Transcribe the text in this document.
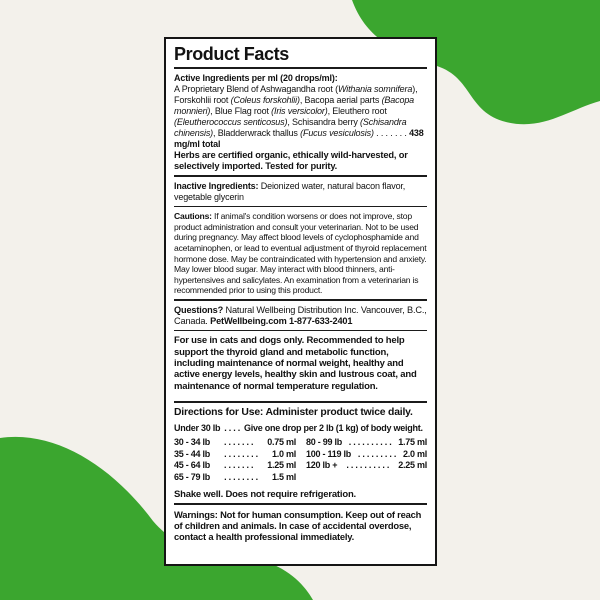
Product Facts
Active Ingredients per ml (20 drops/ml):
A Proprietary Blend of Ashwagandha root (Withania somnifera), Forskohlii root (Coleus forskohlii), Bacopa aerial parts (Bacopa monnieri), Blue Flag root (Iris versicolor), Eleuthero root (Eleutherococcus senticosus), Schisandra berry (Schisandra chinensis), Bladderwrack thallus (Fucus vesiculosis) . . . . . . . 438 mg/ml total
Herbs are certified organic, ethically wild-harvested, or selectively imported. Tested for purity.
Inactive Ingredients: Deionized water, natural bacon flavor, vegetable glycerin
Cautions: If animal's condition worsens or does not improve, stop product administration and consult your veterinarian. Not to be used during pregnancy. May affect blood levels of cyclophosphamide and acetaminophen, or lead to eventual adjustment of thyroid replacement hormone dose. May be contraindicated with hypertension and anxiety. May lower blood sugar. May interact with blood thinners, anti-hypertensives and salicylates. An examination from a veterinarian is recommended prior to using this product.
Questions? Natural Wellbeing Distribution Inc. Vancouver, B.C., Canada. PetWellbeing.com 1-877-633-2401

For use in cats and dogs only. Recommended to help support the thyroid gland and metabolic function, including maintenance of normal weight, healthy and active energy levels, healthy skin and lustrous coat, and maintenance of normal temperature regulation.

Directions for Use: Administer product twice daily.
Under 30 lb . . . . Give one drop per 2 lb (1 kg) of body weight.
30 - 34 lb	. . . . . . .	0.75 ml
35 - 44 lb	. . . . . . . .	1.0 ml
45 - 64 lb	. . . . . . .	1.25 ml
65 - 79 lb	. . . . . . . .	1.5 ml
80 - 99 lb . . . . . . . . . . 1.75 ml
100 - 119 lb . . . . . . . . . 2.0 ml
120 lb +	. . . . . . . . . .	2.25 ml
Shake well. Does not require refrigeration.
Warnings: Not for human consumption. Keep out of reach of children and animals. In case of accidental overdose, contact a health professional immediately.
